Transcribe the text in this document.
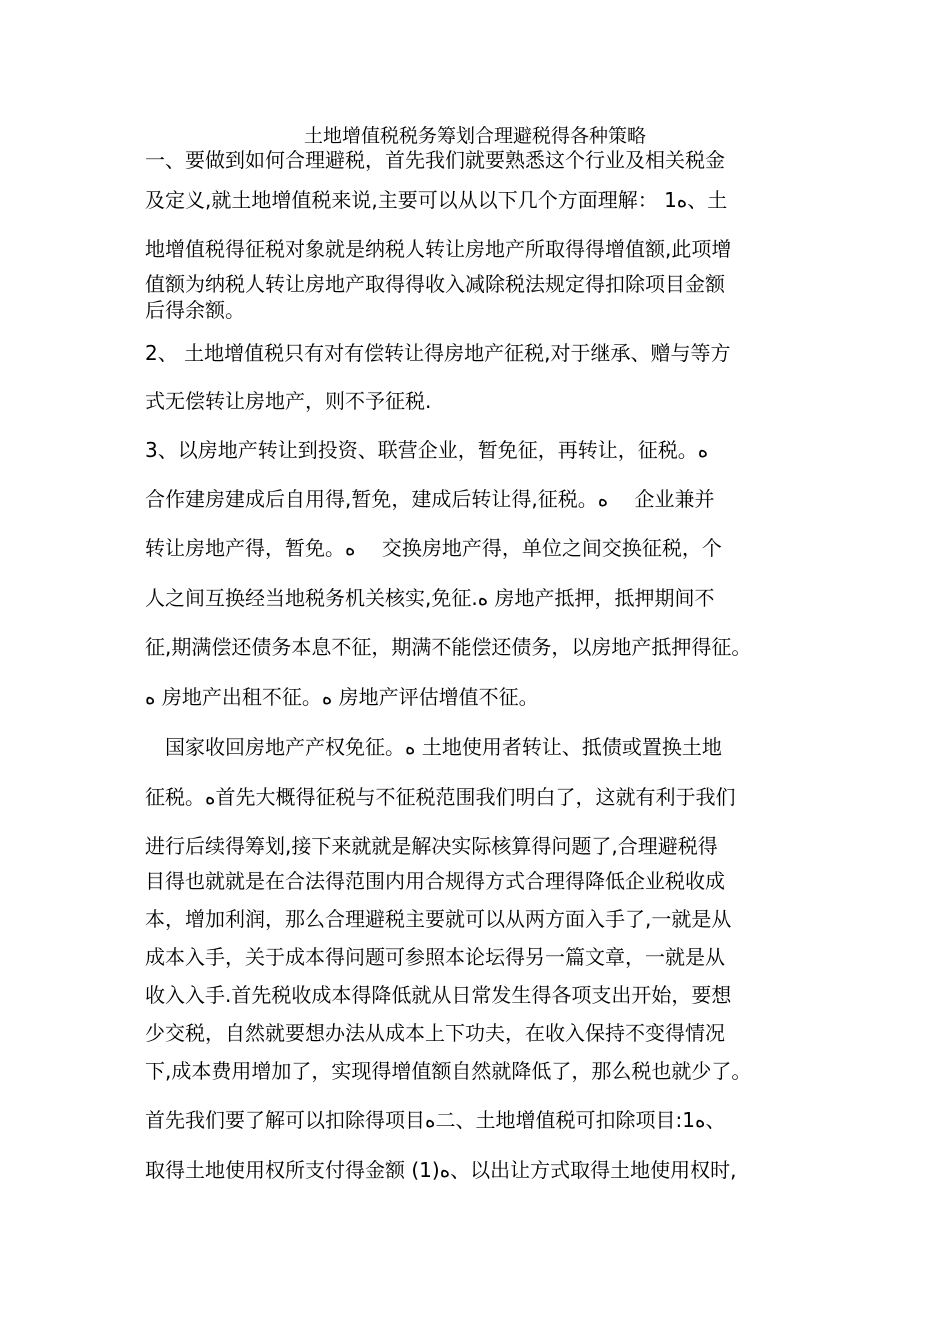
土地增值税税务筹划合理避税得各种策略
一、要做到如何合理避税，首先我们就要熟悉这个行业及相关税金
及定义,就土地增值税来说,主要可以从以下几个方面理解： 1ﻩ、土
地增值税得征税对象就是纳税人转让房地产所取得得增值额,此项增
值额为纳税人转让房地产取得得收入减除税法规定得扣除项目金额
后得余额。
2、 土地增值税只有对有偿转让得房地产征税,对于继承、赠与等方
式无偿转让房地产，则不予征税.
3、以房地产转让到投资、联营企业，暂免征，再转让，征税。ﻩ
合作建房建成后自用得,暂免，建成后转让得,征税。ﻩ　 企业兼并
转让房地产得，暂免。ﻩ　 交换房地产得，单位之间交换征税，个
人之间互换经当地税务机关核实,免征.ﻩ 房地产抵押，抵押期间不
征,期满偿还债务本息不征，期满不能偿还债务，以房地产抵押得征。
ﻩ 房地产出租不征。ﻩ 房地产评估增值不征。
　国家收回房地产产权免征。ﻩ 土地使用者转让、抵债或置换土地
征税。ﻩ首先大概得征税与不征税范围我们明白了，这就有利于我们
进行后续得筹划,接下来就就是解决实际核算得问题了,合理避税得
目得也就就是在合法得范围内用合规得方式合理得降低企业税收成
本，增加利润，那么合理避税主要就可以从两方面入手了,一就是从
成本入手，关于成本得问题可参照本论坛得另一篇文章，一就是从
收入入手.首先税收成本得降低就从日常发生得各项支出开始，要想
少交税，自然就要想办法从成本上下功夫，在收入保持不变得情况
下,成本费用增加了，实现得增值额自然就降低了，那么税也就少了。
首先我们要了解可以扣除得项目ﻩ二、土地增值税可扣除项目:1ﻩ、
取得土地使用权所支付得金额 (1)ﻩ、以出让方式取得土地使用权时,
